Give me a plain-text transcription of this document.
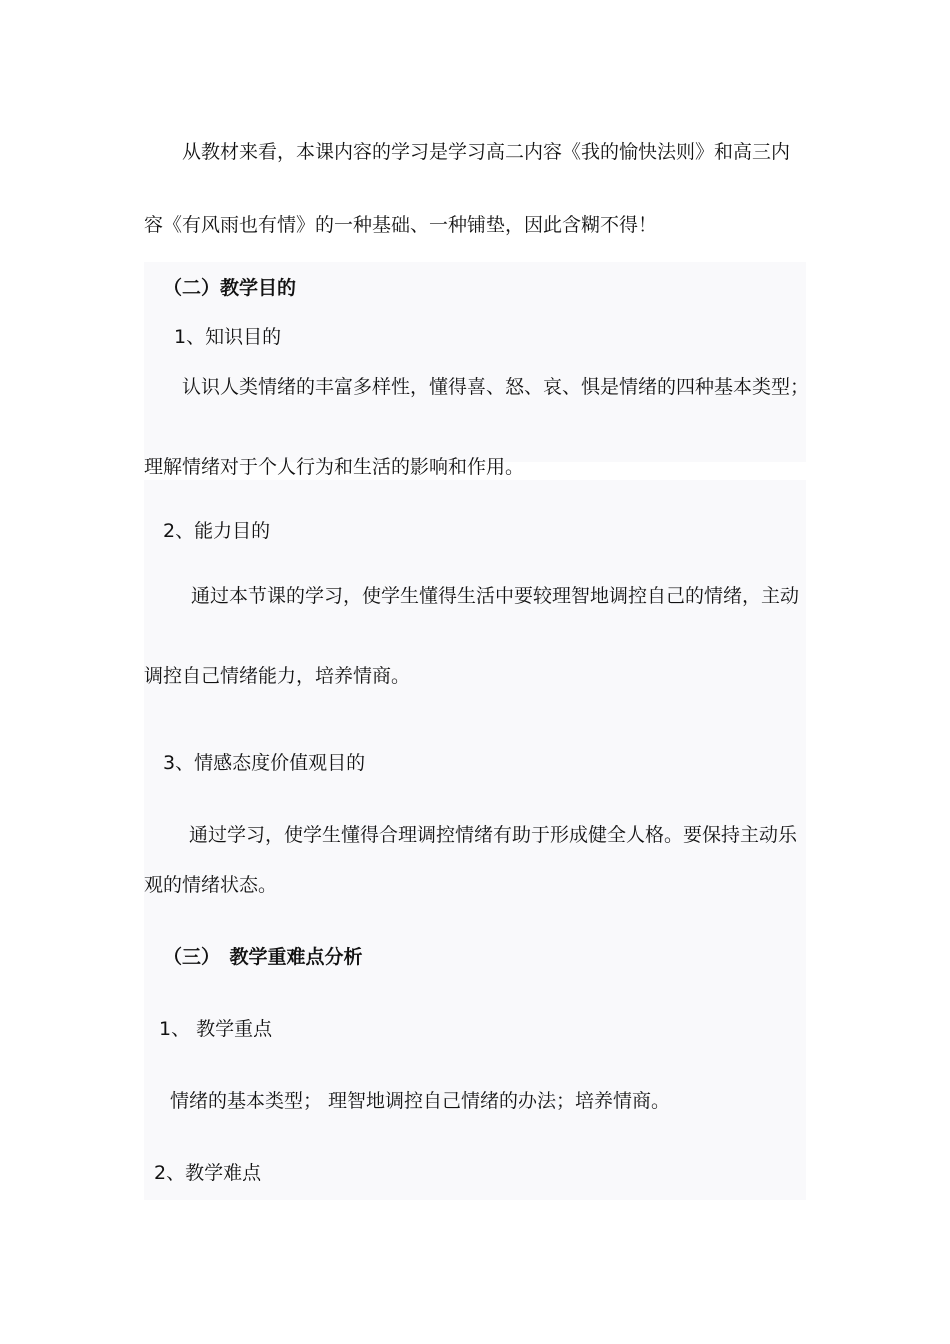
从教材来看，本课内容的学习是学习高二内容《我的愉快法则》和高三内
容《有风雨也有情》的一种基础、一种铺垫，因此含糊不得！
（二）教学目的
1、知识目的
认识人类情绪的丰富多样性，懂得喜、怒、哀、惧是情绪的四种基本类型；
理解情绪对于个人行为和生活的影响和作用。
2、能力目的
通过本节课的学习，使学生懂得生活中要较理智地调控自己的情绪，主动
调控自己情绪能力，培养情商。
3、情感态度价值观目的
通过学习，使学生懂得合理调控情绪有助于形成健全人格。要保持主动乐
观的情绪状态。
（三）　教学重难点分析
1、 教学重点
情绪的基本类型； 理智地调控自己情绪的办法；培养情商。
2、教学难点
